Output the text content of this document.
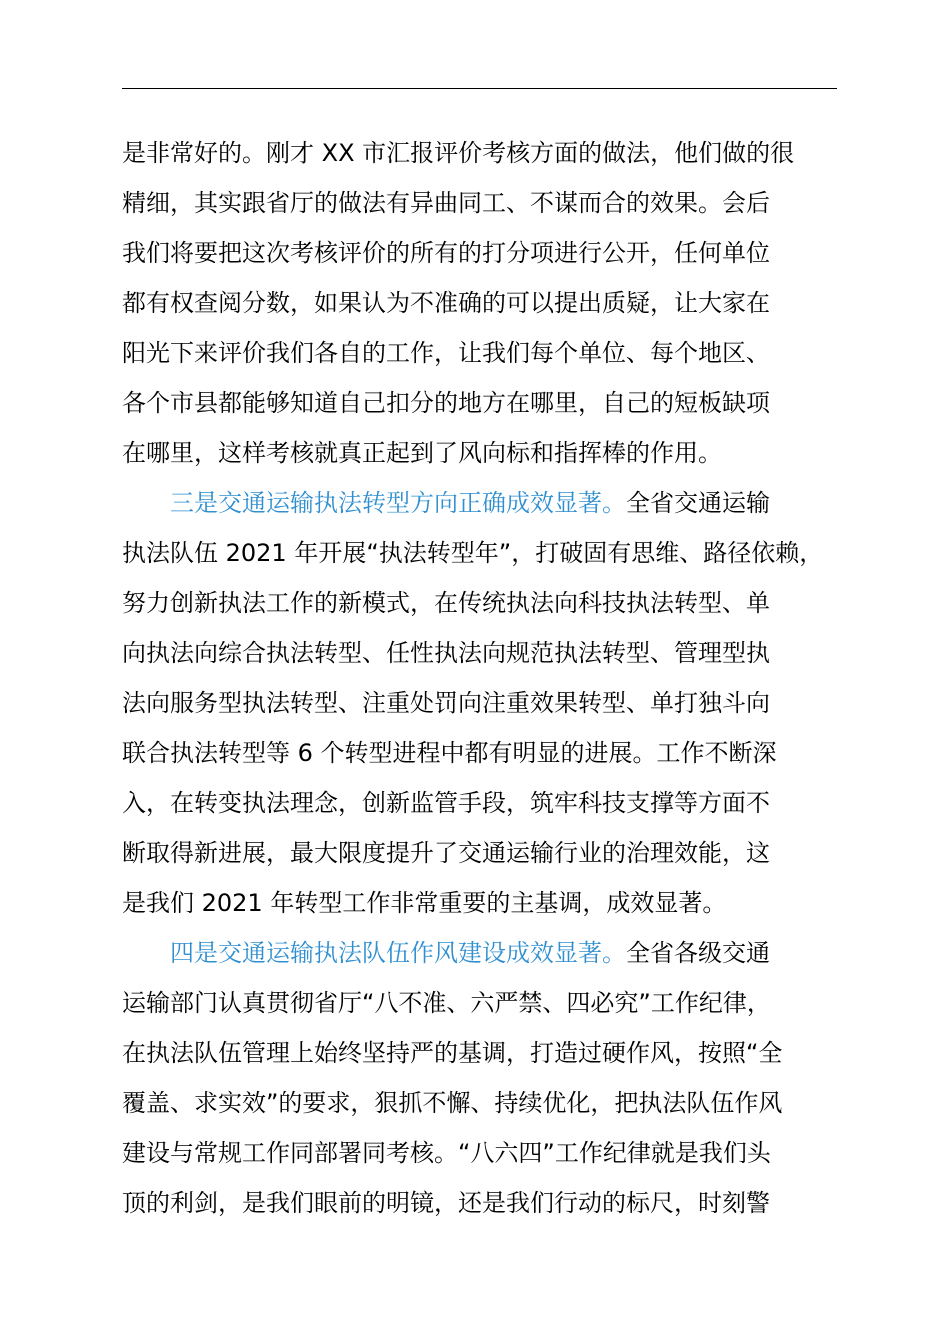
是非常好的。刚才 XX 市汇报评价考核方面的做法，他们做的很
精细，其实跟省厅的做法有异曲同工、不谋而合的效果。会后
我们将要把这次考核评价的所有的打分项进行公开，任何单位
都有权查阅分数，如果认为不准确的可以提出质疑，让大家在
阳光下来评价我们各自的工作，让我们每个单位、每个地区、
各个市县都能够知道自己扣分的地方在哪里，自己的短板缺项
在哪里，这样考核就真正起到了风向标和指挥棒的作用。
三是交通运输执法转型方向正确成效显著。全省交通运输
执法队伍 2021 年开展“执法转型年”，打破固有思维、路径依赖，
努力创新执法工作的新模式，在传统执法向科技执法转型、单
向执法向综合执法转型、任性执法向规范执法转型、管理型执
法向服务型执法转型、注重处罚向注重效果转型、单打独斗向
联合执法转型等 6 个转型进程中都有明显的进展。工作不断深
入，在转变执法理念，创新监管手段，筑牢科技支撑等方面不
断取得新进展，最大限度提升了交通运输行业的治理效能，这
是我们 2021 年转型工作非常重要的主基调，成效显著。
四是交通运输执法队伍作风建设成效显著。全省各级交通
运输部门认真贯彻省厅“八不准、六严禁、四必究”工作纪律，
在执法队伍管理上始终坚持严的基调，打造过硬作风，按照“全
覆盖、求实效”的要求，狠抓不懈、持续优化，把执法队伍作风
建设与常规工作同部署同考核。“八六四”工作纪律就是我们头
顶的利剑，是我们眼前的明镜，还是我们行动的标尺，时刻警
